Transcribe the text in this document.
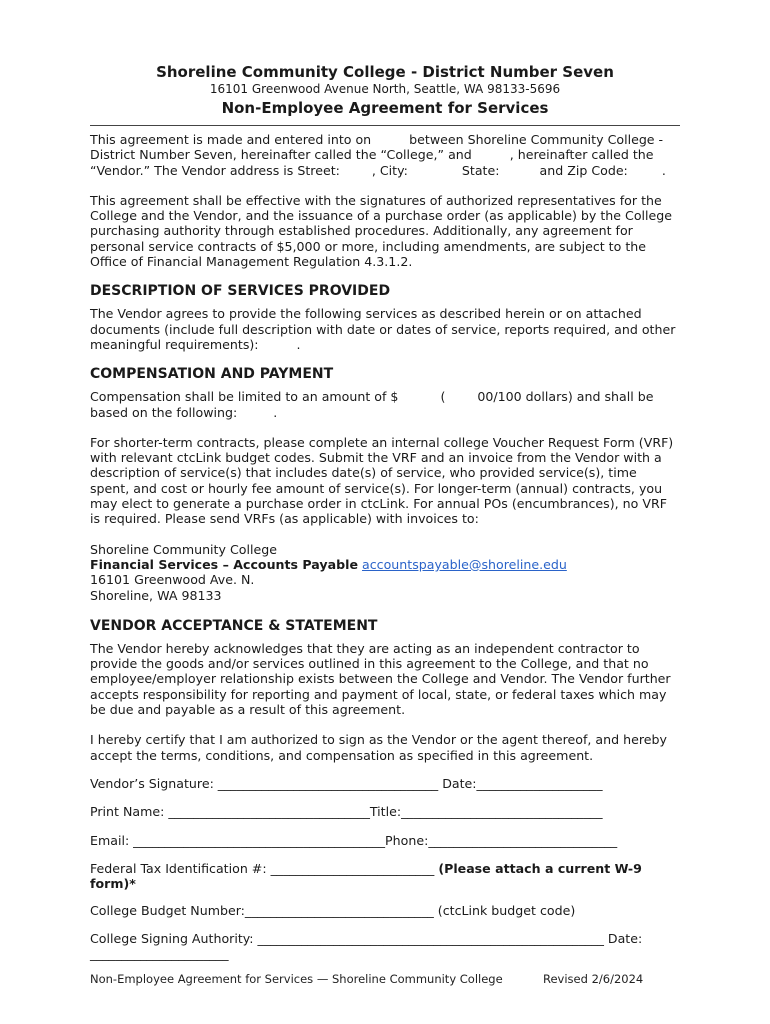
Shoreline Community College - District Number Seven
16101 Greenwood Avenue North, Seattle, WA 98133-5696
Non-Employee Agreement for Services

This agreement is made and entered into on	between Shoreline Community College -

District Number Seven, hereinafter called the “College,” and	, hereinafter called the

“Vendor.” The Vendor address is Street:	, City:	State:	and Zip Code:	.

This agreement shall be effective with the signatures of authorized representatives for the

College and the Vendor, and the issuance of a purchase order (as applicable) by the College

purchasing authority through established procedures. Additionally, any agreement for

personal service contracts of $5,000 or more, including amendments, are subject to the

Office of Financial Management Regulation 4.3.1.2.

DESCRIPTION OF SERVICES PROVIDED

The Vendor agrees to provide the following services as described herein or on attached

documents (include full description with date or dates of service, reports required, and other

meaningful requirements):	.

COMPENSATION AND PAYMENT

Compensation shall be limited to an amount of $	(	00/100 dollars) and shall be

based on the following:	.

For shorter-term contracts, please complete an internal college Voucher Request Form (VRF)

with relevant ctcLink budget codes. Submit the VRF and an invoice from the Vendor with a

description of service(s) that includes date(s) of service, who provided service(s), time

spent, and cost or hourly fee amount of service(s). For longer-term (annual) contracts, you

may elect to generate a purchase order in ctcLink. For annual POs (encumbrances), no VRF

is required. Please send VRFs (as applicable) with invoices to:

Shoreline Community College

Financial Services – Accounts Payable accountspayable@shoreline.edu

16101 Greenwood Ave. N.

Shoreline, WA 98133

VENDOR ACCEPTANCE & STATEMENT

The Vendor hereby acknowledges that they are acting as an independent contractor to

provide the goods and/or services outlined in this agreement to the College, and that no

employee/employer relationship exists between the College and Vendor. The Vendor further

accepts responsibility for reporting and payment of local, state, or federal taxes which may

be due and payable as a result of this agreement.

I hereby certify that I am authorized to sign as the Vendor or the agent thereof, and hereby

accept the terms, conditions, and compensation as specified in this agreement.

Vendor’s Signature: ___________________________________ Date:____________________
Print Name: ________________________________Title:________________________________
Email: ________________________________________Phone:______________________________
Federal Tax Identification #: __________________________ (Please attach a current W-9
form)*
College Budget Number:______________________________ (ctcLink budget code)
College Signing Authority: _______________________________________________________ Date:
______________________
Non-Employee Agreement for Services — Shoreline Community College	Revised 2/6/2024
